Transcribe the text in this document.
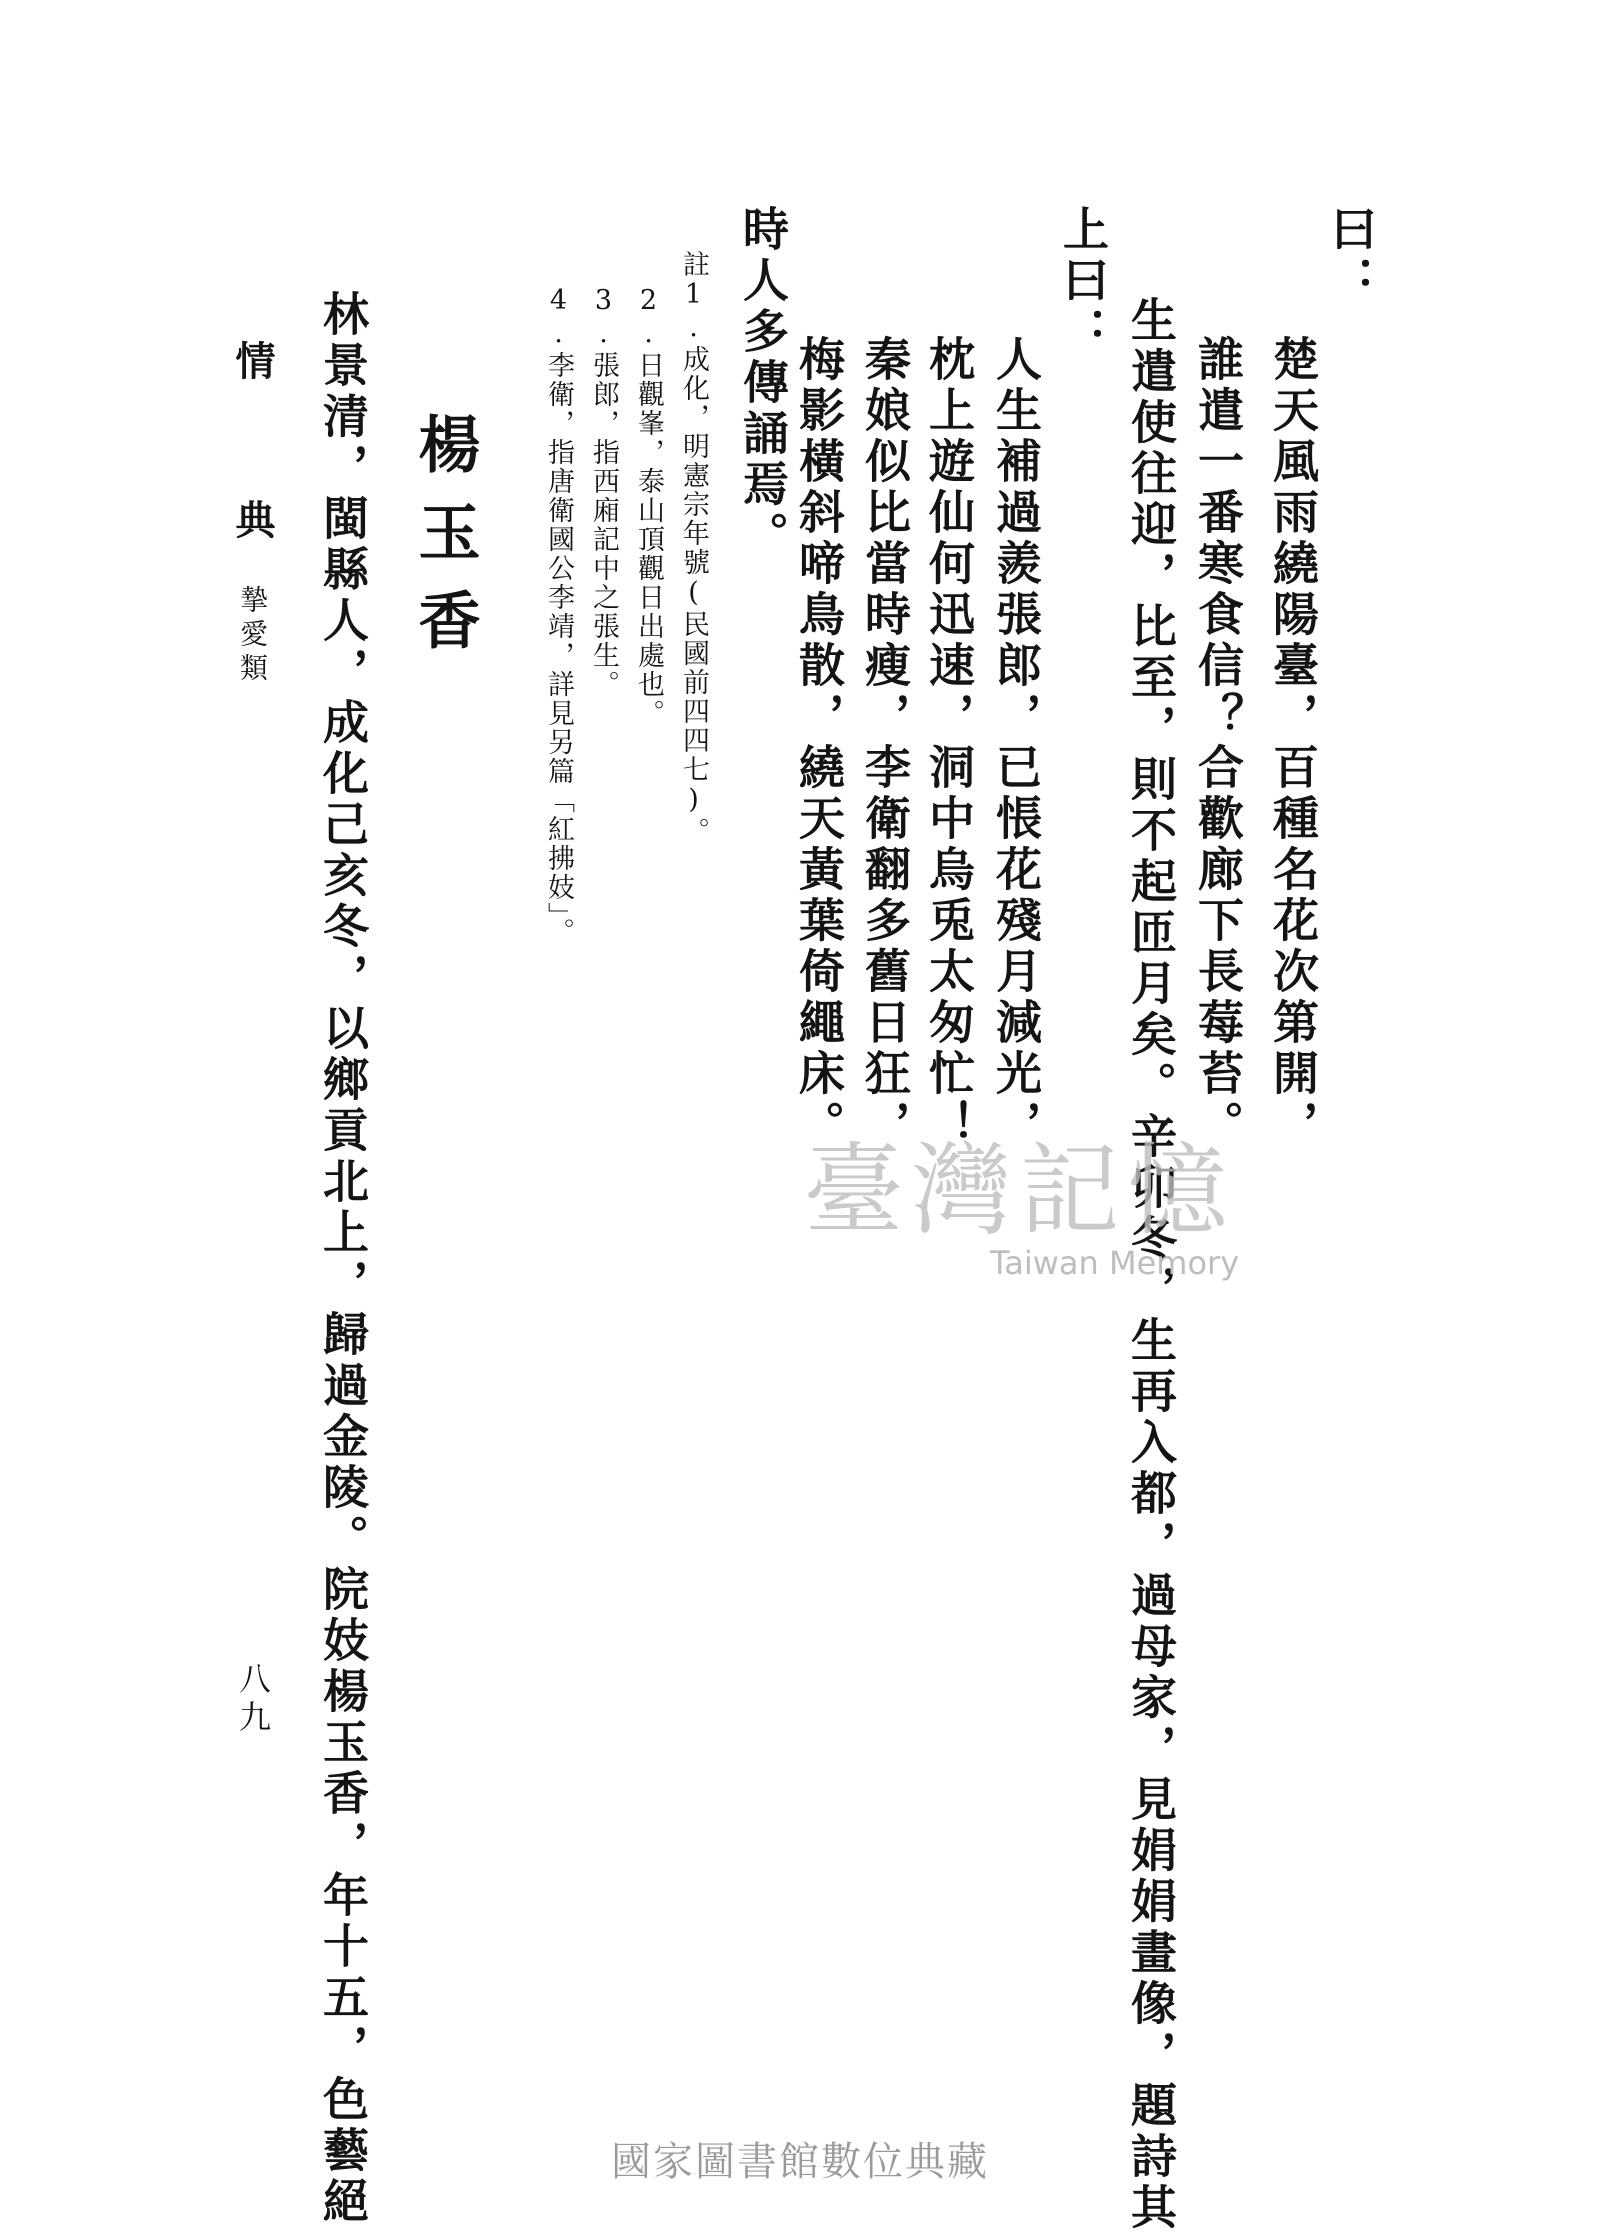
曰：
楚天風雨繞陽臺，百種名花次第開，
誰遣一番寒食信？合歡廊下長莓苔。
生遣使往迎，比至，則不起匝月矣。辛卯冬，生再入都，過母家，見娟娟畫像，題詩其
上曰：
人生補過羨張郎，已悵花殘月減光，
枕上遊仙何迅速，洞中烏兎太匆忙！
秦娘似比當時瘦，李衛翻多舊日狂，
梅影橫斜啼鳥散，繞天黃葉倚繩床。
時人多傳誦焉。
註1.成化，明憲宗年號(民國前四四七)。
2.日觀峯，泰山頂觀日出處也。
3.張郎，指西廂記中之張生。
4.李衛，指唐衛國公李靖，詳見另篇「紅拂妓」。
楊玉香
林景清，閩縣人，成化己亥冬，以鄉貢北上，歸過金陵。院妓楊玉香，年十五，色藝絕
情 典
摯愛類
八九
臺灣記憶
Taiwan Memory
國家圖書館數位典藏
